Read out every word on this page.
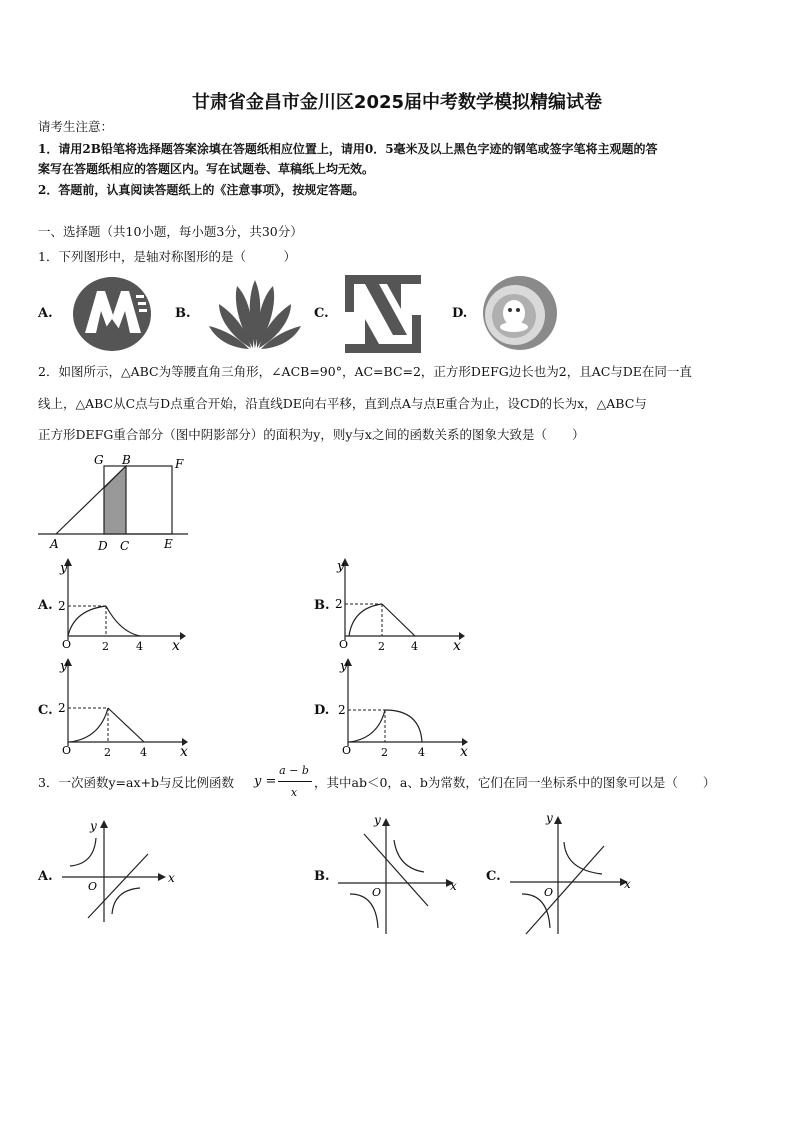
甘肃省金昌市金川区2025届中考数学模拟精编试卷
请考生注意：
1．请用2B铅笔将选择题答案涂填在答题纸相应位置上，请用0．5毫米及以上黑色字迹的钢笔或签字笔将主观题的答
案写在答题纸相应的答题区内。写在试题卷、草稿纸上均无效。
2．答题前，认真阅读答题纸上的《注意事项》，按规定答题。
一、选择题（共10小题，每小题3分，共30分）
1．下列图形中，是轴对称图形的是（　　　）
A.	B.	C.	D.
2．如图所示，△ABC为等腰直角三角形，∠ACB=90°，AC=BC=2，正方形DEFG边长也为2，且AC与DE在同一直
线上，△ABC从C点与D点重合开始，沿直线DE向右平移，直到点A与点E重合为止，设CD的长为x，△ABC与
正方形DEFG重合部分（图中阴影部分）的面积为y，则y与x之间的函数关系的图象大致是（　　）
G B	F
A	D C	E
A.
y
x
O
2
2 4
B.
y
x
O
2
2 4
C.
y
x
O
2
2	4
D.
y
x
O
2
2	4
3．一次函数y=ax+b与反比例函数 y =
a − b
x
，其中ab＜0，a、b为常数，它们在同一坐标系中的图象可以是（　　）
A.
y
x
O
B.
y
x
O
C.
y
x
O
